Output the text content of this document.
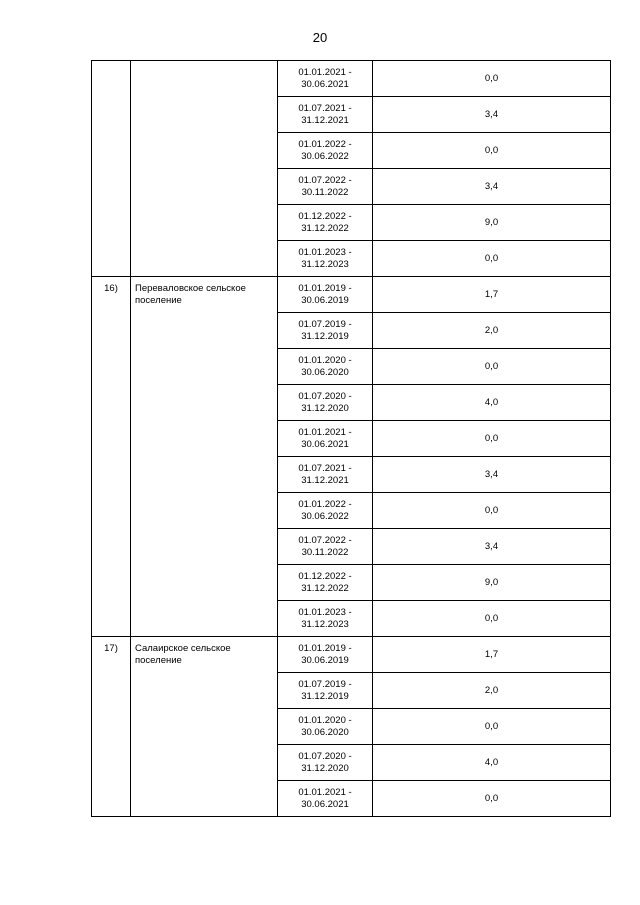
20

		01.01.2021 -
30.06.2021	0,0

		01.07.2021 -
31.12.2021	3,4

		01.01.2022 -
30.06.2022	0,0

		01.07.2022 -
30.11.2022	3,4

		01.12.2022 -
31.12.2022	9,0

		01.01.2023 -
31.12.2023	0,0
16)	Перевaловское сельское поселение	01.01.2019 -
30.06.2019	1,7

		01.07.2019 -
31.12.2019	2,0

		01.01.2020 -
30.06.2020	0,0

		01.07.2020 -
31.12.2020	4,0

		01.01.2021 -
30.06.2021	0,0

		01.07.2021 -
31.12.2021	3,4

		01.01.2022 -
30.06.2022	0,0

		01.07.2022 -
30.11.2022	3,4

		01.12.2022 -
31.12.2022	9,0

		01.01.2023 -
31.12.2023	0,0
17)	Салаирское сельское поселение	01.01.2019 -
30.06.2019	1,7

		01.07.2019 -
31.12.2019	2,0

		01.01.2020 -
30.06.2020	0,0

		01.07.2020 -
31.12.2020	4,0

		01.01.2021 -
30.06.2021	0,0
